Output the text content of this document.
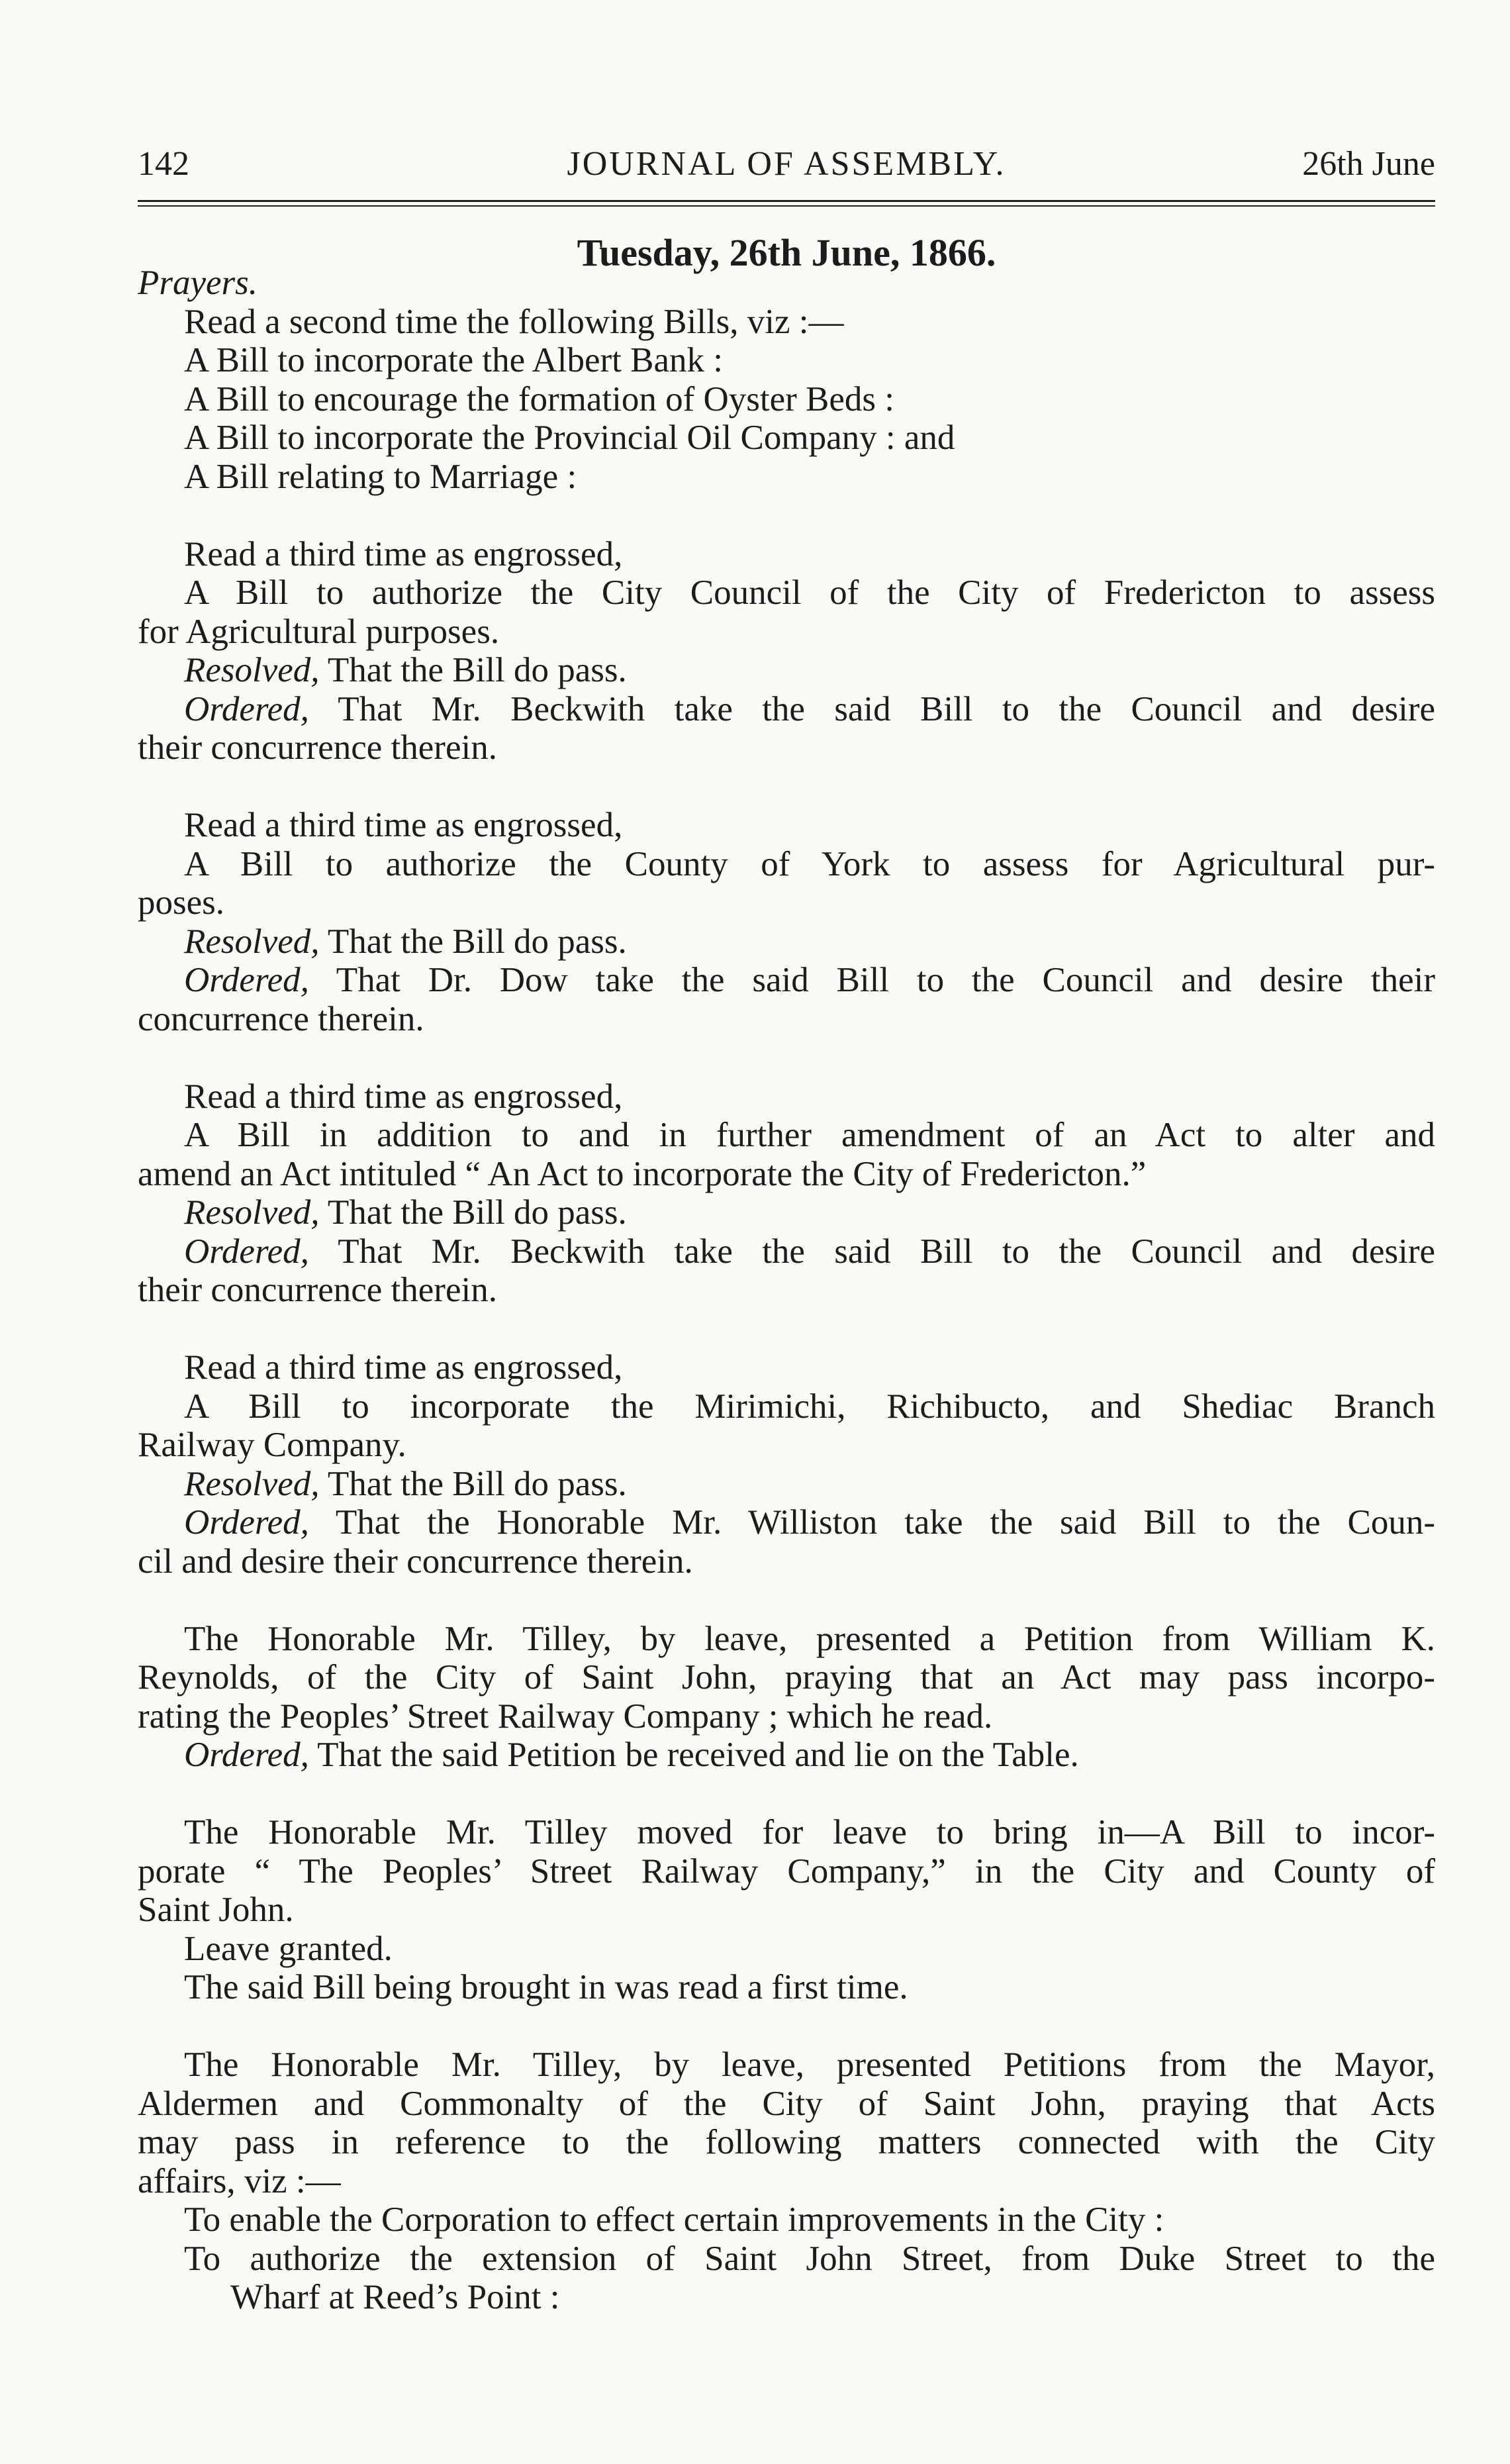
142	JOURNAL OF ASSEMBLY.	26th June
Tuesday, 26th June, 1866.
Prayers.
Read a second time the following Bills, viz :—
A Bill to incorporate the Albert Bank :
A Bill to encourage the formation of Oyster Beds :
A Bill to incorporate the Provincial Oil Company : and
A Bill relating to Marriage :
Read a third time as engrossed,
A Bill to authorize the City Council of the City of Fredericton to assess
for Agricultural purposes.
Resolved, That the Bill do pass.
Ordered, That Mr. Beckwith take the said Bill to the Council and desire
their concurrence therein.
Read a third time as engrossed,
A Bill to authorize the County of York to assess for Agricultural pur-
poses.
Resolved, That the Bill do pass.
Ordered, That Dr. Dow take the said Bill to the Council and desire their
concurrence therein.
Read a third time as engrossed,
A Bill in addition to and in further amendment of an Act to alter and
amend an Act intituled “ An Act to incorporate the City of Fredericton.”
Resolved, That the Bill do pass.
Ordered, That Mr. Beckwith take the said Bill to the Council and desire
their concurrence therein.
Read a third time as engrossed,
A Bill to incorporate the Mirimichi, Richibucto, and Shediac Branch
Railway Company.
Resolved, That the Bill do pass.
Ordered, That the Honorable Mr. Williston take the said Bill to the Coun-
cil and desire their concurrence therein.
The Honorable Mr. Tilley, by leave, presented a Petition from William K.
Reynolds, of the City of Saint John, praying that an Act may pass incorpo-
rating the Peoples’ Street Railway Company ; which he read.
Ordered, That the said Petition be received and lie on the Table.
The Honorable Mr. Tilley moved for leave to bring in—A Bill to incor-
porate “ The Peoples’ Street Railway Company,” in the City and County of
Saint John.
Leave granted.
The said Bill being brought in was read a first time.
The Honorable Mr. Tilley, by leave, presented Petitions from the Mayor,
Aldermen and Commonalty of the City of Saint John, praying that Acts
may pass in reference to the following matters connected with the City
affairs, viz :—
To enable the Corporation to effect certain improvements in the City :
To authorize the extension of Saint John Street, from Duke Street to the
Wharf at Reed’s Point :
